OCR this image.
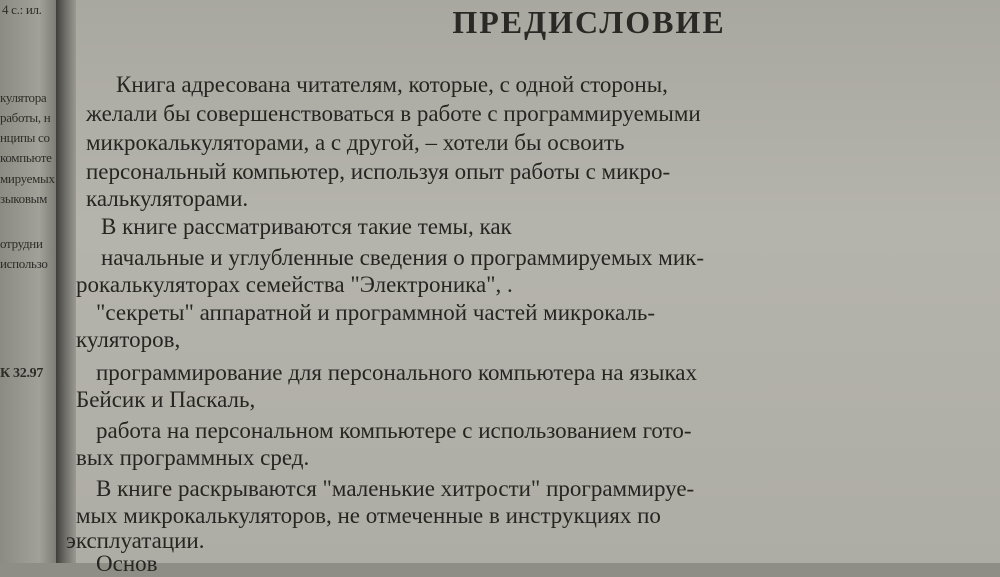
4 с.: ил.
кулятора
работы, н
нципы со
компьюте
мируемых
зыковым
отрудни
использо
К 32.97
ПРЕДИСЛОВИЕ
Книга адресована читателям, которые, с одной стороны,
желали бы совершенствоваться в работе с программируемыми
микрокалькуляторами, а с другой, – хотели бы освоить
персональный компьютер, используя опыт работы с микро-
калькуляторами.
В книге рассматриваются такие темы, как
начальные и углубленные сведения о программируемых мик-
рокалькуляторах семейства "Электроника", .
"секреты" аппаратной и программной частей микрокаль-
куляторов,
программирование для персонального компьютера на языках
Бейсик и Паскаль,
работа на персональном компьютере с использованием гото-
вых программных сред.
В книге раскрываются "маленькие хитрости" программируе-
мых микрокалькуляторов, не отмеченные в инструкциях по
эксплуатации.
Основ
